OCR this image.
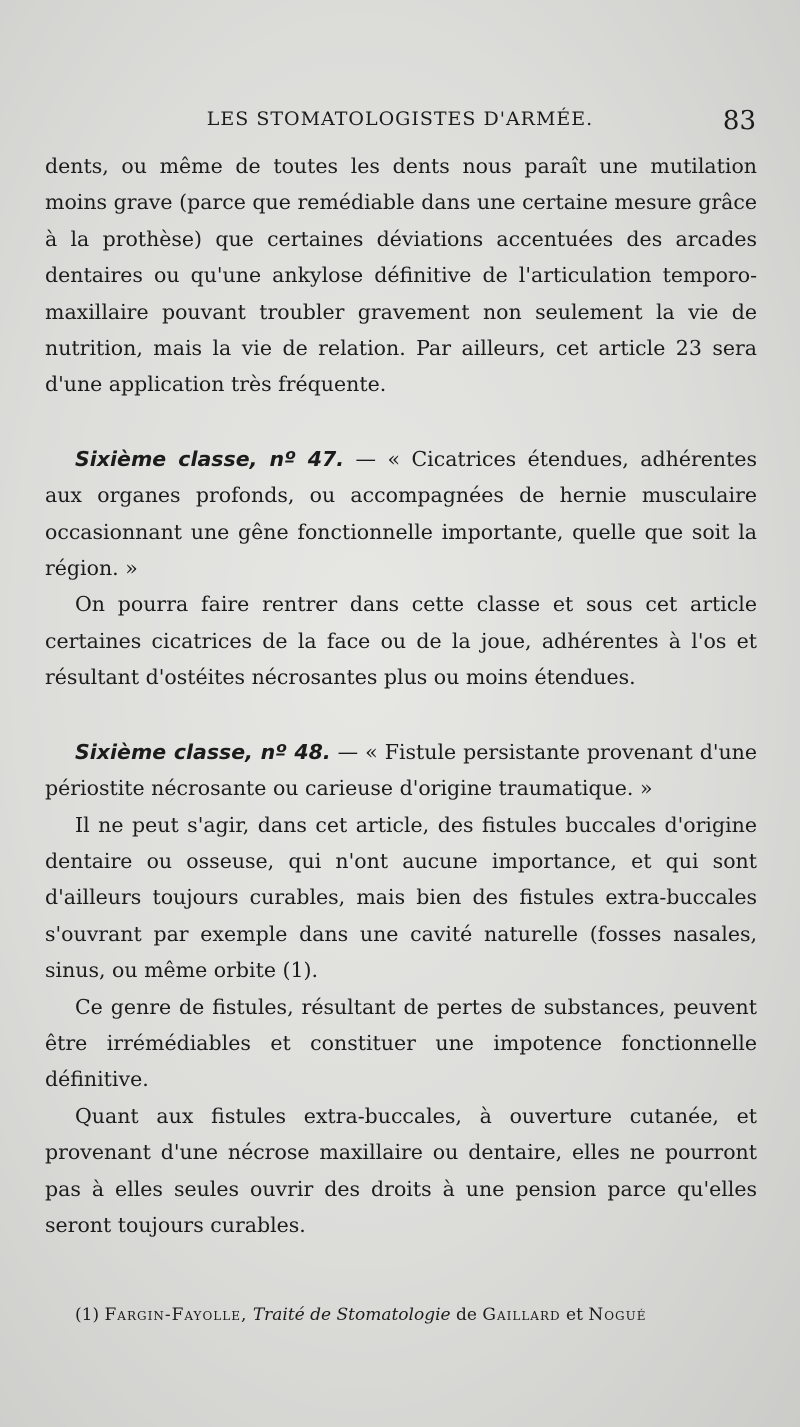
LES STOMATOLOGISTES D'ARMÉE.	83

dents, ou même de toutes les dents nous paraît une mutilation moins grave (parce que remédiable dans une certaine mesure grâce à la prothèse) que certaines déviations accentuées des arcades dentaires ou qu'une ankylose définitive de l'articulation temporo-maxillaire pouvant troubler gravement non seulement la vie de nutrition, mais la vie de relation. Par ailleurs, cet article 23 sera d'une application très fréquente.

Sixième classe, nº 47. — « Cicatrices étendues, adhérentes aux organes profonds, ou accompagnées de hernie musculaire occasionnant une gêne fonctionnelle importante, quelle que soit la région. »

On pourra faire rentrer dans cette classe et sous cet article certaines cicatrices de la face ou de la joue, adhérentes à l'os et résultant d'ostéites nécrosantes plus ou moins étendues.

Sixième classe, nº 48. — « Fistule persistante provenant d'une périostite nécrosante ou carieuse d'origine traumatique. »

Il ne peut s'agir, dans cet article, des fistules buccales d'origine dentaire ou osseuse, qui n'ont aucune importance, et qui sont d'ailleurs toujours curables, mais bien des fistules extra-buccales s'ouvrant par exemple dans une cavité naturelle (fosses nasales, sinus, ou même orbite (1).

Ce genre de fistules, résultant de pertes de substances, peuvent être irrémédiables et constituer une impotence fonctionnelle définitive.

Quant aux fistules extra-buccales, à ouverture cutanée, et provenant d'une nécrose maxillaire ou dentaire, elles ne pourront pas à elles seules ouvrir des droits à une pension parce qu'elles seront toujours curables.

(1) Fargin-Fayolle, Traité de Stomatologie de Gaillard et Nogué
